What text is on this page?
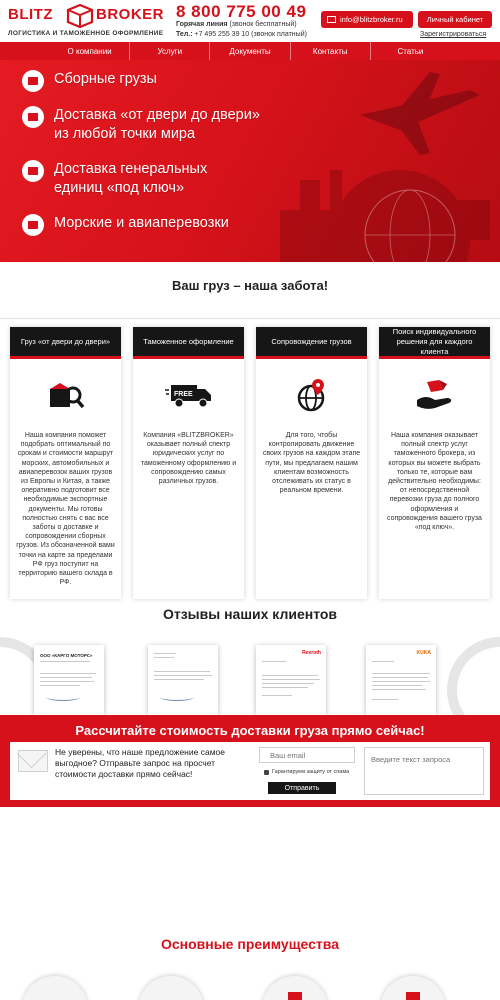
BLITZ	BROKER
ЛОГИСТИКА И ТАМОЖЕННОЕ ОФОРМЛЕНИЕ
8 800 775 00 49
Горячая линия (звонок бесплатный)
Тел.: +7 495 255 39 10 (звонок платный)
info@blitzbroker.ru	Личный кабинет
Зарегистрироваться
О компании	Услуги	Документы	Контакты	Статьи
Сборные грузы
Доставка «от двери до двери»
из любой точки мира
Доставка генеральных
единиц «под ключ»
Морские и авиаперевозки
Ваш груз – наша забота!
Груз «от двери до двери»
Наша компания поможет подобрать оптимальный по срокам и стоимости маршрут морских, автомобильных и авиаперевозок ваших грузов из Европы и Китая, а также оперативно подготовит все необходимые экспортные документы. Мы готовы полностью снять с вас все заботы о доставке и сопровождении сборных грузов. Из обозначенной вами точки на карте за пределами РФ груз поступит на территорию вашего склада в РФ.
Таможенное оформление
FREE
Компания «BLITZBROKER» оказывает полный спектр юридических услуг по таможенному оформлению и сопровождению самых различных грузов.
Сопровождение грузов
Для того, чтобы контролировать движение своих грузов на каждом этапе пути, мы предлагаем нашим клиентам возможность отслеживать их статус в реальном времени.
Поиск индивидуального решения для каждого клиента
Наша компания оказывает полный спектр услуг таможенного брокера, из которых вы можете выбрать только те, которые вам действительно необходимы: от непосредственной перевозки груза до полного оформления и сопровождения вашего груза «под ключ».
Отзывы наших клиентов
ООО «КАРГО МОТОРС»	Rexroth	KUKA
Рассчитайте стоимость доставки груза прямо сейчас!
Не уверены, что наше предложение самое выгодное? Отправьте запрос на просчет стоимости доставки прямо сейчас!
Ваш email	Гарантируем защиту от спама
Отправить
Введите текст запроса
Основные преимущества
